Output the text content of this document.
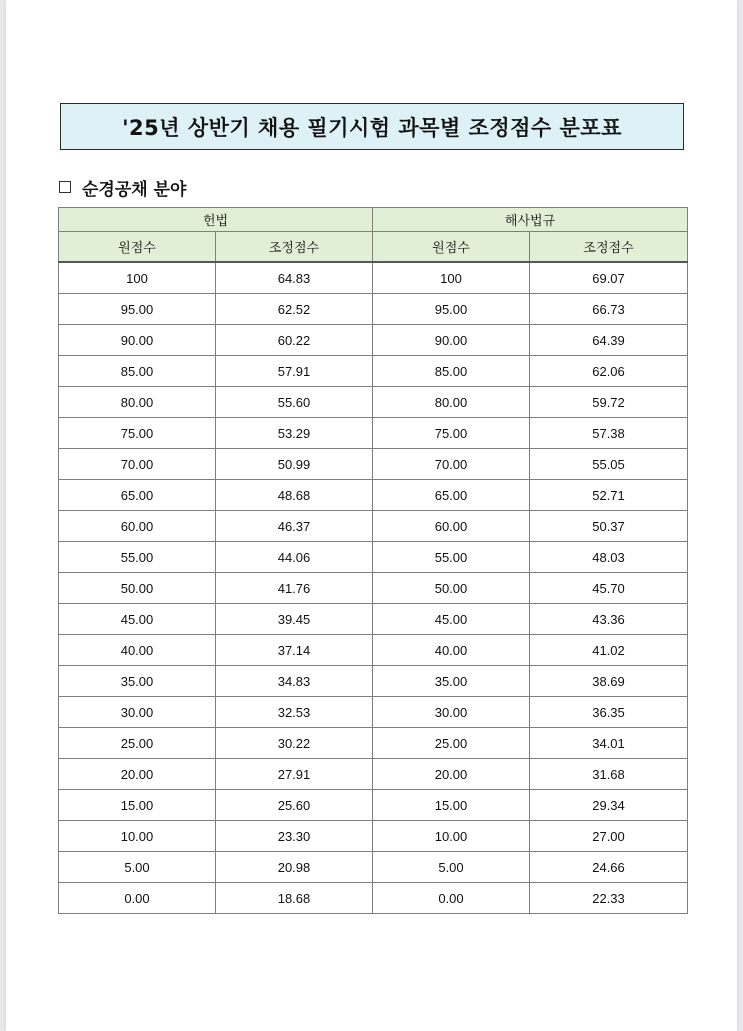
'25년 상반기 채용 필기시험 과목별 조정점수 분포표
순경공채 분야
헌법		해사법규	
원점수	조정점수	원점수	조정점수
100	64.83	100	69.07
95.00	62.52	95.00	66.73
90.00	60.22	90.00	64.39
85.00	57.91	85.00	62.06
80.00	55.60	80.00	59.72
75.00	53.29	75.00	57.38
70.00	50.99	70.00	55.05
65.00	48.68	65.00	52.71
60.00	46.37	60.00	50.37
55.00	44.06	55.00	48.03
50.00	41.76	50.00	45.70
45.00	39.45	45.00	43.36
40.00	37.14	40.00	41.02
35.00	34.83	35.00	38.69
30.00	32.53	30.00	36.35
25.00	30.22	25.00	34.01
20.00	27.91	20.00	31.68
15.00	25.60	15.00	29.34
10.00	23.30	10.00	27.00
5.00	20.98	5.00	24.66
0.00	18.68	0.00	22.33
